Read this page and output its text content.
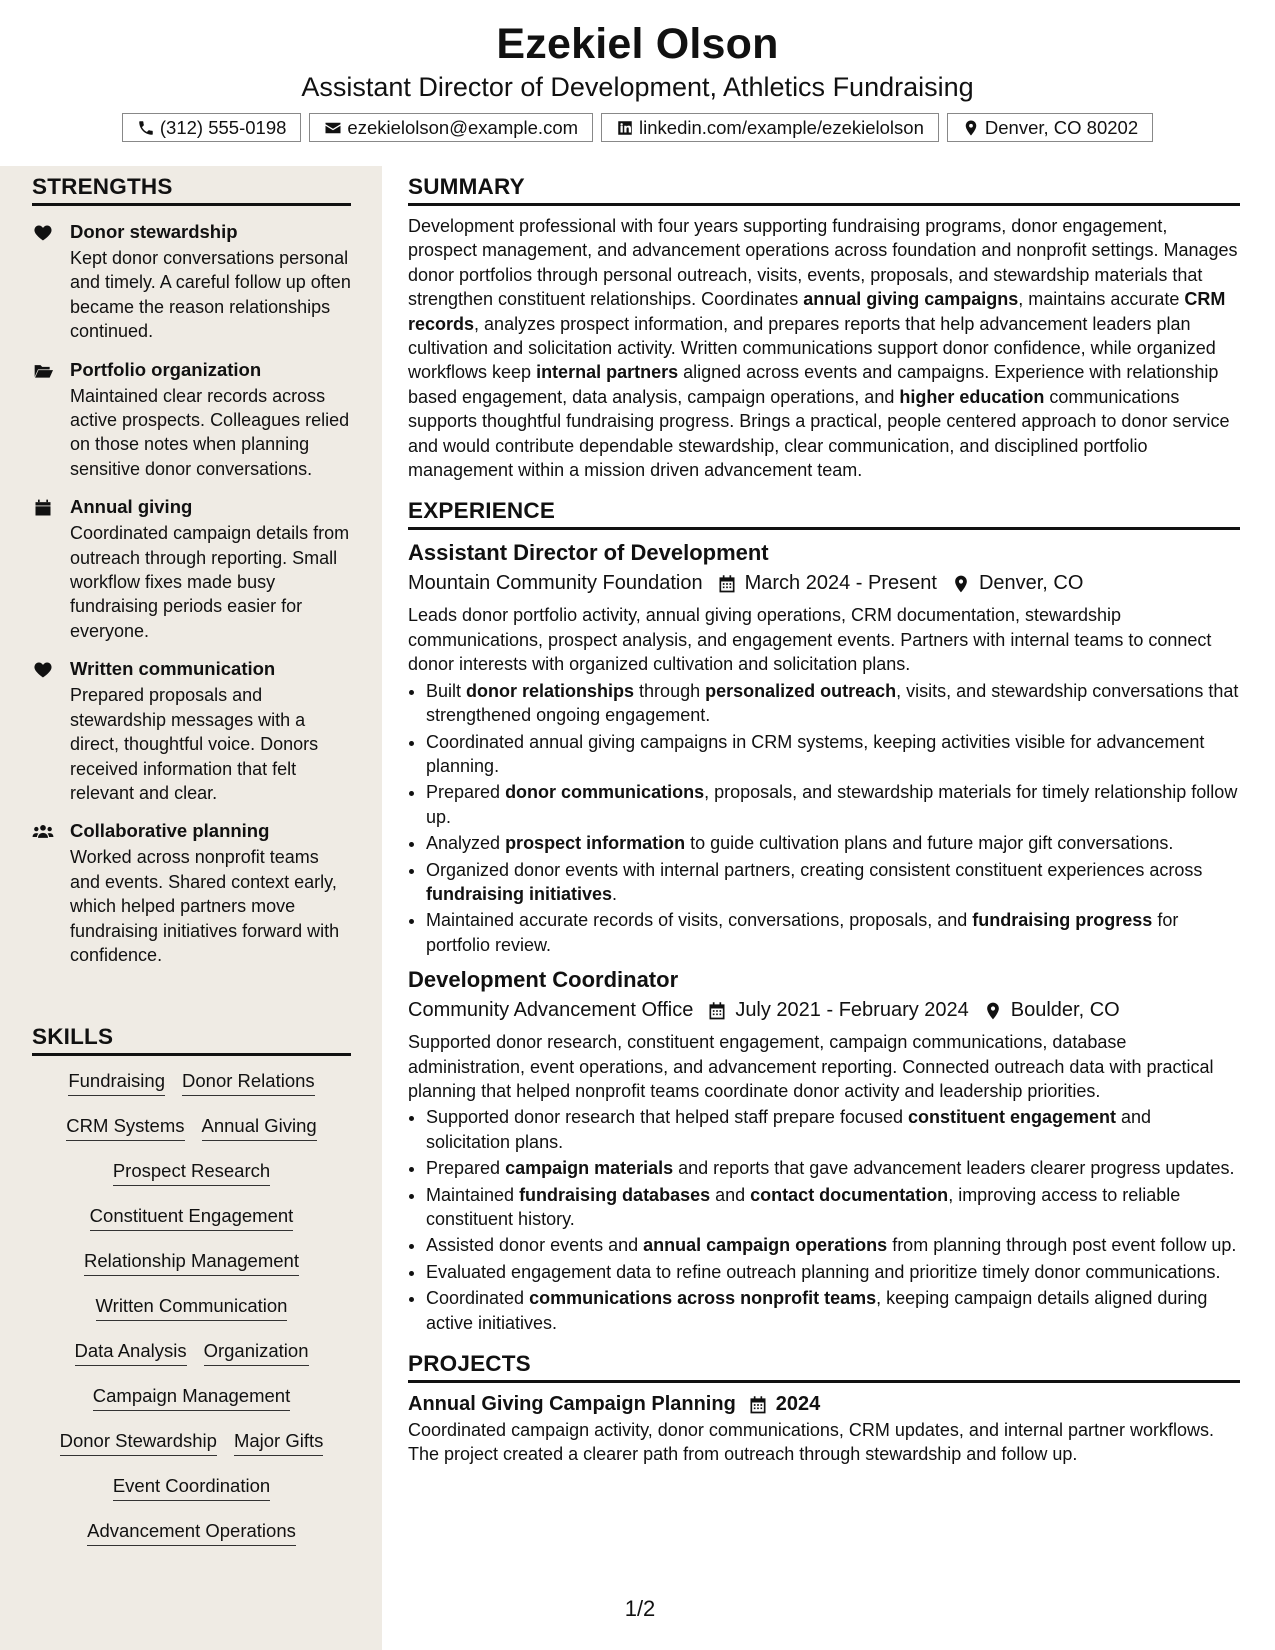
Ezekiel Olson
Assistant Director of Development, Athletics Fundraising
(312) 555-0198	ezekielolson@example.com	linkedin.com/example/ezekielolson	Denver, CO 80202
STRENGTHS
Donor stewardship
Kept donor conversations personal and timely. A careful follow up often became the reason relationships continued.
Portfolio organization
Maintained clear records across active prospects. Colleagues relied on those notes when planning sensitive donor conversations.
Annual giving
Coordinated campaign details from outreach through reporting. Small workflow fixes made busy fundraising periods easier for everyone.
Written communication
Prepared proposals and stewardship messages with a direct, thoughtful voice. Donors received information that felt relevant and clear.
Collaborative planning
Worked across nonprofit teams and events. Shared context early, which helped partners move fundraising initiatives forward with confidence.
SKILLS
Fundraising Donor Relations
CRM Systems Annual Giving
Prospect Research
Constituent Engagement
Relationship Management
Written Communication
Data Analysis Organization
Campaign Management
Donor Stewardship Major Gifts
Event Coordination
Advancement Operations
SUMMARY
Development professional with four years supporting fundraising programs, donor engagement, prospect management, and advancement operations across foundation and nonprofit settings. Manages donor portfolios through personal outreach, visits, events, proposals, and stewardship materials that strengthen constituent relationships. Coordinates annual giving campaigns, maintains accurate CRM records, analyzes prospect information, and prepares reports that help advancement leaders plan cultivation and solicitation activity. Written communications support donor confidence, while organized workflows keep internal partners aligned across events and campaigns. Experience with relationship based engagement, data analysis, campaign operations, and higher education communications supports thoughtful fundraising progress. Brings a practical, people centered approach to donor service and would contribute dependable stewardship, clear communication, and disciplined portfolio management within a mission driven advancement team.
EXPERIENCE
Assistant Director of Development
Mountain Community Foundation March 2024 - Present Denver, CO
Leads donor portfolio activity, annual giving operations, CRM documentation, stewardship communications, prospect analysis, and engagement events. Partners with internal teams to connect donor interests with organized cultivation and solicitation plans.
• Built donor relationships through personalized outreach, visits, and stewardship conversations that strengthened ongoing engagement.
• Coordinated annual giving campaigns in CRM systems, keeping activities visible for advancement planning.
• Prepared donor communications, proposals, and stewardship materials for timely relationship follow up.
• Analyzed prospect information to guide cultivation plans and future major gift conversations.
• Organized donor events with internal partners, creating consistent constituent experiences across fundraising initiatives.
• Maintained accurate records of visits, conversations, proposals, and fundraising progress for portfolio review.
Development Coordinator
Community Advancement Office July 2021 - February 2024 Boulder, CO
Supported donor research, constituent engagement, campaign communications, database administration, event operations, and advancement reporting. Connected outreach data with practical planning that helped nonprofit teams coordinate donor activity and leadership priorities.
• Supported donor research that helped staff prepare focused constituent engagement and solicitation plans.
• Prepared campaign materials and reports that gave advancement leaders clearer progress updates.
• Maintained fundraising databases and contact documentation, improving access to reliable constituent history.
• Assisted donor events and annual campaign operations from planning through post event follow up.
• Evaluated engagement data to refine outreach planning and prioritize timely donor communications.
• Coordinated communications across nonprofit teams, keeping campaign details aligned during active initiatives.
PROJECTS
Annual Giving Campaign Planning 2024
Coordinated campaign activity, donor communications, CRM updates, and internal partner workflows. The project created a clearer path from outreach through stewardship and follow up.
1/2
